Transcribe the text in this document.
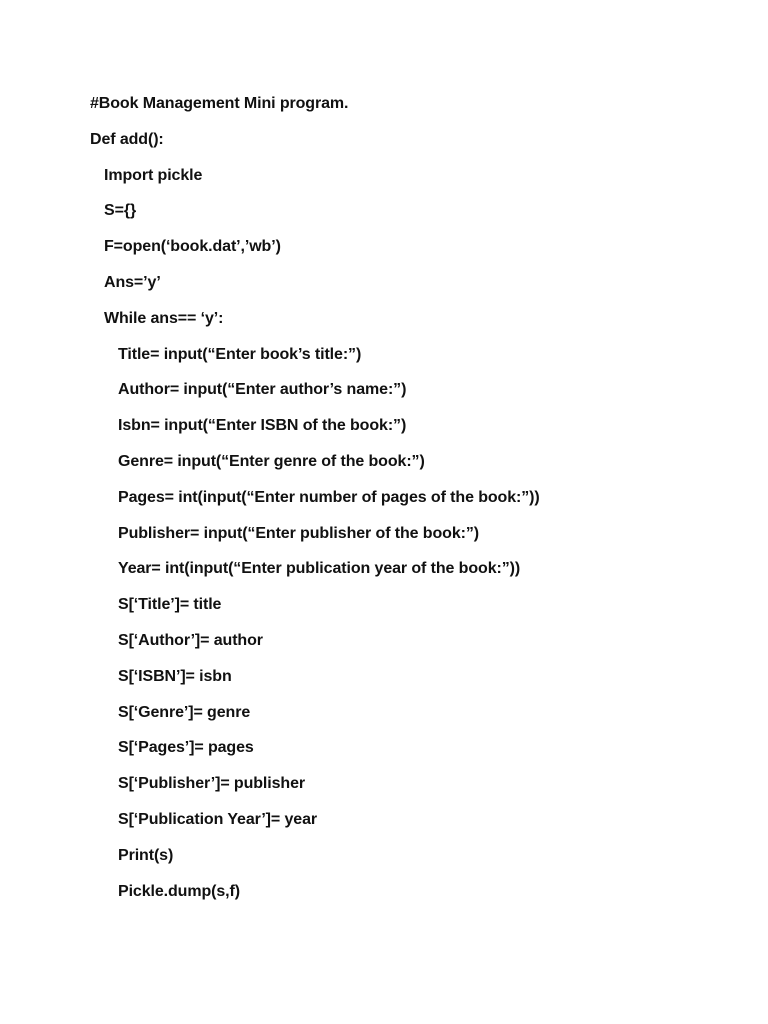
#Book Management Mini program.
Def add():
Import pickle
S={}
F=open(‘book.dat’,’wb’)
Ans=’y’
While ans== ‘y’:
Title= input(“Enter book’s title:”)
Author= input(“Enter author’s name:”)
Isbn= input(“Enter ISBN of the book:”)
Genre= input(“Enter genre of the book:”)
Pages= int(input(“Enter number of pages of the book:”))
Publisher= input(“Enter publisher of the book:”)
Year= int(input(“Enter publication year of the book:”))
S[‘Title’]= title
S[‘Author’]= author
S[‘ISBN’]= isbn
S[‘Genre’]= genre
S[‘Pages’]= pages
S[‘Publisher’]= publisher
S[‘Publication Year’]= year
Print(s)
Pickle.dump(s,f)
